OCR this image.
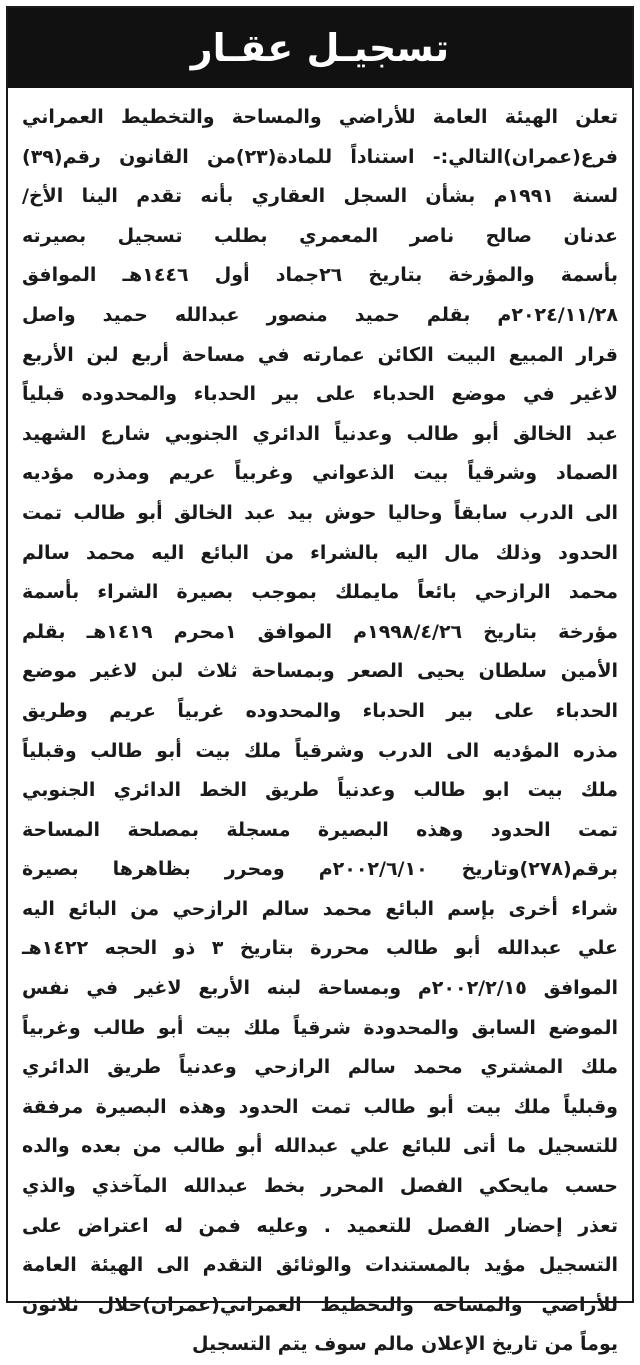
تسجيـل عقـار
تعلن الهيئة العامة للأراضي والمساحة والتخطيط العمراني
فرع(عمران)التالي:- استناداً للمادة(٢٣)من القانون رقم(٣٩)
لسنة ١٩٩١م بشأن السجل العقاري بأنه تقدم الينا الأخ/
عدنان صالح ناصر المعمري بطلب تسجيل بصيرته
بأسمة والمؤرخة بتاريخ ٢٦جماد أول ١٤٤٦هـ الموافق
٢٠٢٤/١١/٢٨م بقلم حميد منصور عبدالله حميد واصل
قرار المبيع البيت الكائن عمارته في مساحة أربع لبن الأربع
لاغير في موضع الحدباء على بير الحدباء والمحدوده قبلياً
عبد الخالق أبو طالب وعدنياً الدائري الجنوبي شارع الشهيد
الصماد وشرقياً بيت الذعواني وغربياً عريم ومذره مؤديه
الى الدرب سابقاً وحاليا حوش بيد عبد الخالق أبو طالب تمت
الحدود وذلك مال اليه بالشراء من البائع اليه محمد سالم
محمد الرازحي بائعاً مايملك بموجب بصيرة الشراء بأسمة
مؤرخة بتاريخ ١٩٩٨/٤/٢٦م الموافق ١محرم ١٤١٩هـ بقلم
الأمين سلطان يحيى الصعر وبمساحة ثلاث لبن لاغير موضع
الحدباء على بير الحدباء والمحدوده غربياً عريم وطريق
مذره المؤديه الى الدرب وشرقياً ملك بيت أبو طالب وقبلياً
ملك بيت ابو طالب وعدنياً طريق الخط الدائري الجنوبي
تمت الحدود وهذه البصيرة مسجلة بمصلحة المساحة
برقم(٢٧٨)وتاريخ ٢٠٠٢/٦/١٠م ومحرر بظاهرها بصيرة
شراء أخرى بإسم البائع محمد سالم الرازحي من البائع اليه
علي عبدالله أبو طالب محررة بتاريخ ٣ ذو الحجه ١٤٢٢هـ
الموافق ٢٠٠٢/٢/١٥م وبمساحة لبنه الأربع لاغير في نفس
الموضع السابق والمحدودة شرقياً ملك بيت أبو طالب وغربياً
ملك المشتري محمد سالم الرازحي وعدنياً طريق الدائري
وقبلياً ملك بيت أبو طالب تمت الحدود وهذه البصيرة مرفقة
للتسجيل ما أتى للبائع علي عبدالله أبو طالب من بعده والده
حسب مايحكي الفصل المحرر بخط عبدالله المآخذي والذي
تعذر إحضار الفصل للتعميد . وعليه فمن له اعتراض على
التسجيل مؤيد بالمستندات والوثائق التقدم الى الهيئة العامة
للأراضي والمساحة والتخطيط العمراني(عمران)خلال ثلاثون
يوماً من تاريخ الإعلان مالم سوف يتم التسجيل
